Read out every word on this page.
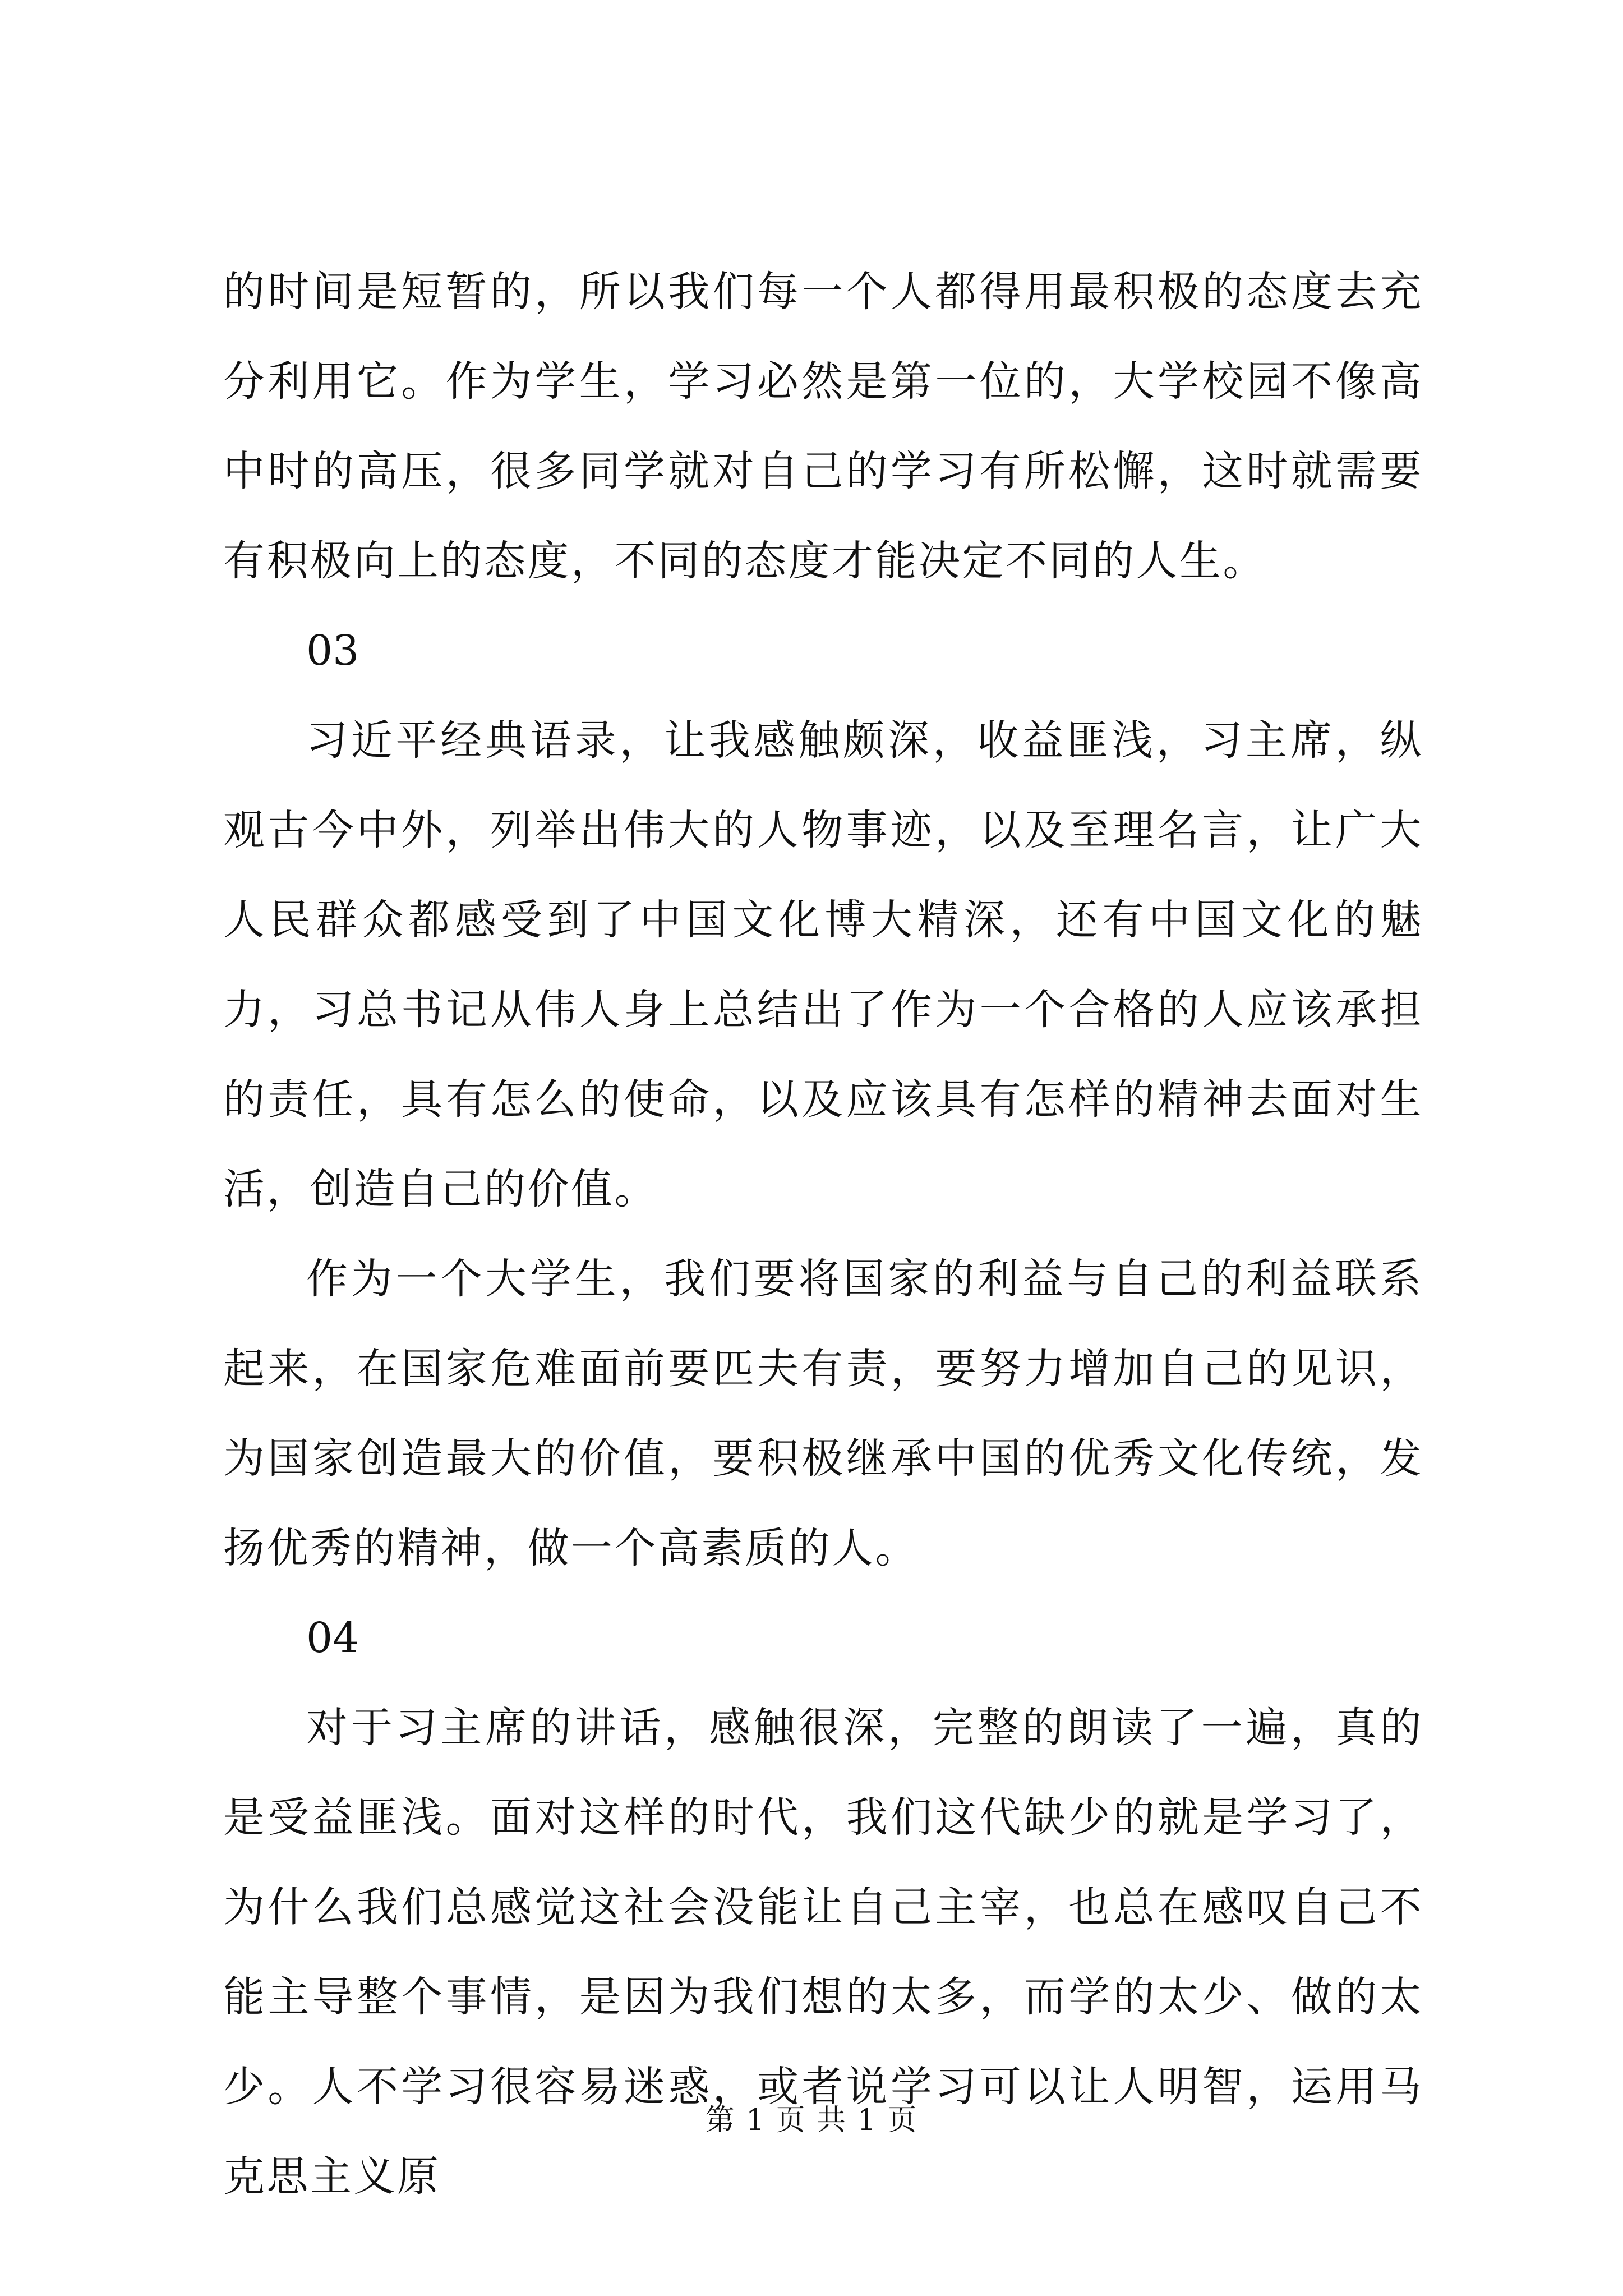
的时间是短暂的，所以我们每一个人都得用最积极的态度去充分利用它。作为学生，学习必然是第一位的，大学校园不像高中时的高压，很多同学就对自己的学习有所松懈，这时就需要有积极向上的态度，不同的态度才能决定不同的人生。

03

习近平经典语录，让我感触颇深，收益匪浅，习主席，纵观古今中外，列举出伟大的人物事迹，以及至理名言，让广大人民群众都感受到了中国文化博大精深，还有中国文化的魅力，习总书记从伟人身上总结出了作为一个合格的人应该承担的责任，具有怎么的使命，以及应该具有怎样的精神去面对生活，创造自己的价值。

作为一个大学生，我们要将国家的利益与自己的利益联系起来，在国家危难面前要匹夫有责，要努力增加自己的见识，为国家创造最大的价值，要积极继承中国的优秀文化传统，发扬优秀的精神，做一个高素质的人。

04

对于习主席的讲话，感触很深，完整的朗读了一遍，真的是受益匪浅。面对这样的时代，我们这代缺少的就是学习了，为什么我们总感觉这社会没能让自己主宰，也总在感叹自己不能主导整个事情，是因为我们想的太多，而学的太少、做的太少。人不学习很容易迷惑，或者说学习可以让人明智，运用马克思主义原

第 1 页 共 1 页
